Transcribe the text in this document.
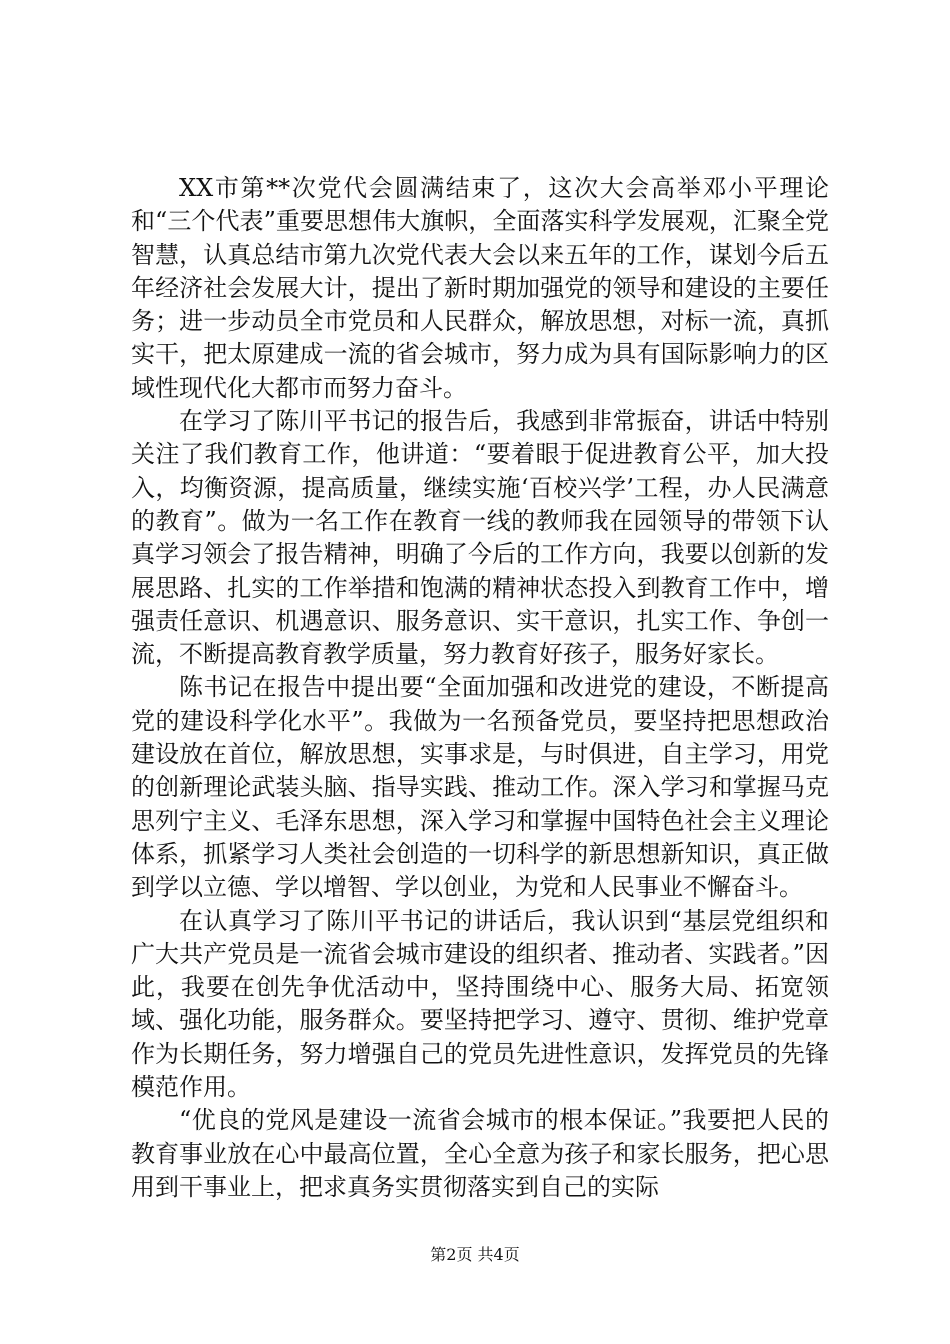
XX市第**次党代会圆满结束了，这次大会高举邓小平理论和“三个代表”重要思想伟大旗帜，全面落实科学发展观，汇聚全党智慧，认真总结市第九次党代表大会以来五年的工作，谋划今后五年经济社会发展大计，提出了新时期加强党的领导和建设的主要任务；进一步动员全市党员和人民群众，解放思想，对标一流，真抓实干，把太原建成一流的省会城市，努力成为具有国际影响力的区域性现代化大都市而努力奋斗。

在学习了陈川平书记的报告后，我感到非常振奋，讲话中特别关注了我们教育工作，他讲道：“要着眼于促进教育公平，加大投入，均衡资源，提高质量，继续实施‘百校兴学’工程，办人民满意的教育”。做为一名工作在教育一线的教师我在园领导的带领下认真学习领会了报告精神，明确了今后的工作方向，我要以创新的发展思路、扎实的工作举措和饱满的精神状态投入到教育工作中，增强责任意识、机遇意识、服务意识、实干意识，扎实工作、争创一流，不断提高教育教学质量，努力教育好孩子，服务好家长。

陈书记在报告中提出要“全面加强和改进党的建设，不断提高党的建设科学化水平”。我做为一名预备党员，要坚持把思想政治建设放在首位，解放思想，实事求是，与时俱进，自主学习，用党的创新理论武装头脑、指导实践、推动工作。深入学习和掌握马克思列宁主义、毛泽东思想，深入学习和掌握中国特色社会主义理论体系，抓紧学习人类社会创造的一切科学的新思想新知识，真正做到学以立德、学以增智、学以创业，为党和人民事业不懈奋斗。

在认真学习了陈川平书记的讲话后，我认识到“基层党组织和广大共产党员是一流省会城市建设的组织者、推动者、实践者。”因此，我要在创先争优活动中，坚持围绕中心、服务大局、拓宽领域、强化功能，服务群众。要坚持把学习、遵守、贯彻、维护党章作为长期任务，努力增强自己的党员先进性意识，发挥党员的先锋模范作用。

“优良的党风是建设一流省会城市的根本保证。”我要把人民的教育事业放在心中最高位置，全心全意为孩子和家长服务，把心思用到干事业上，把求真务实贯彻落实到自己的实际

第2页 共4页
